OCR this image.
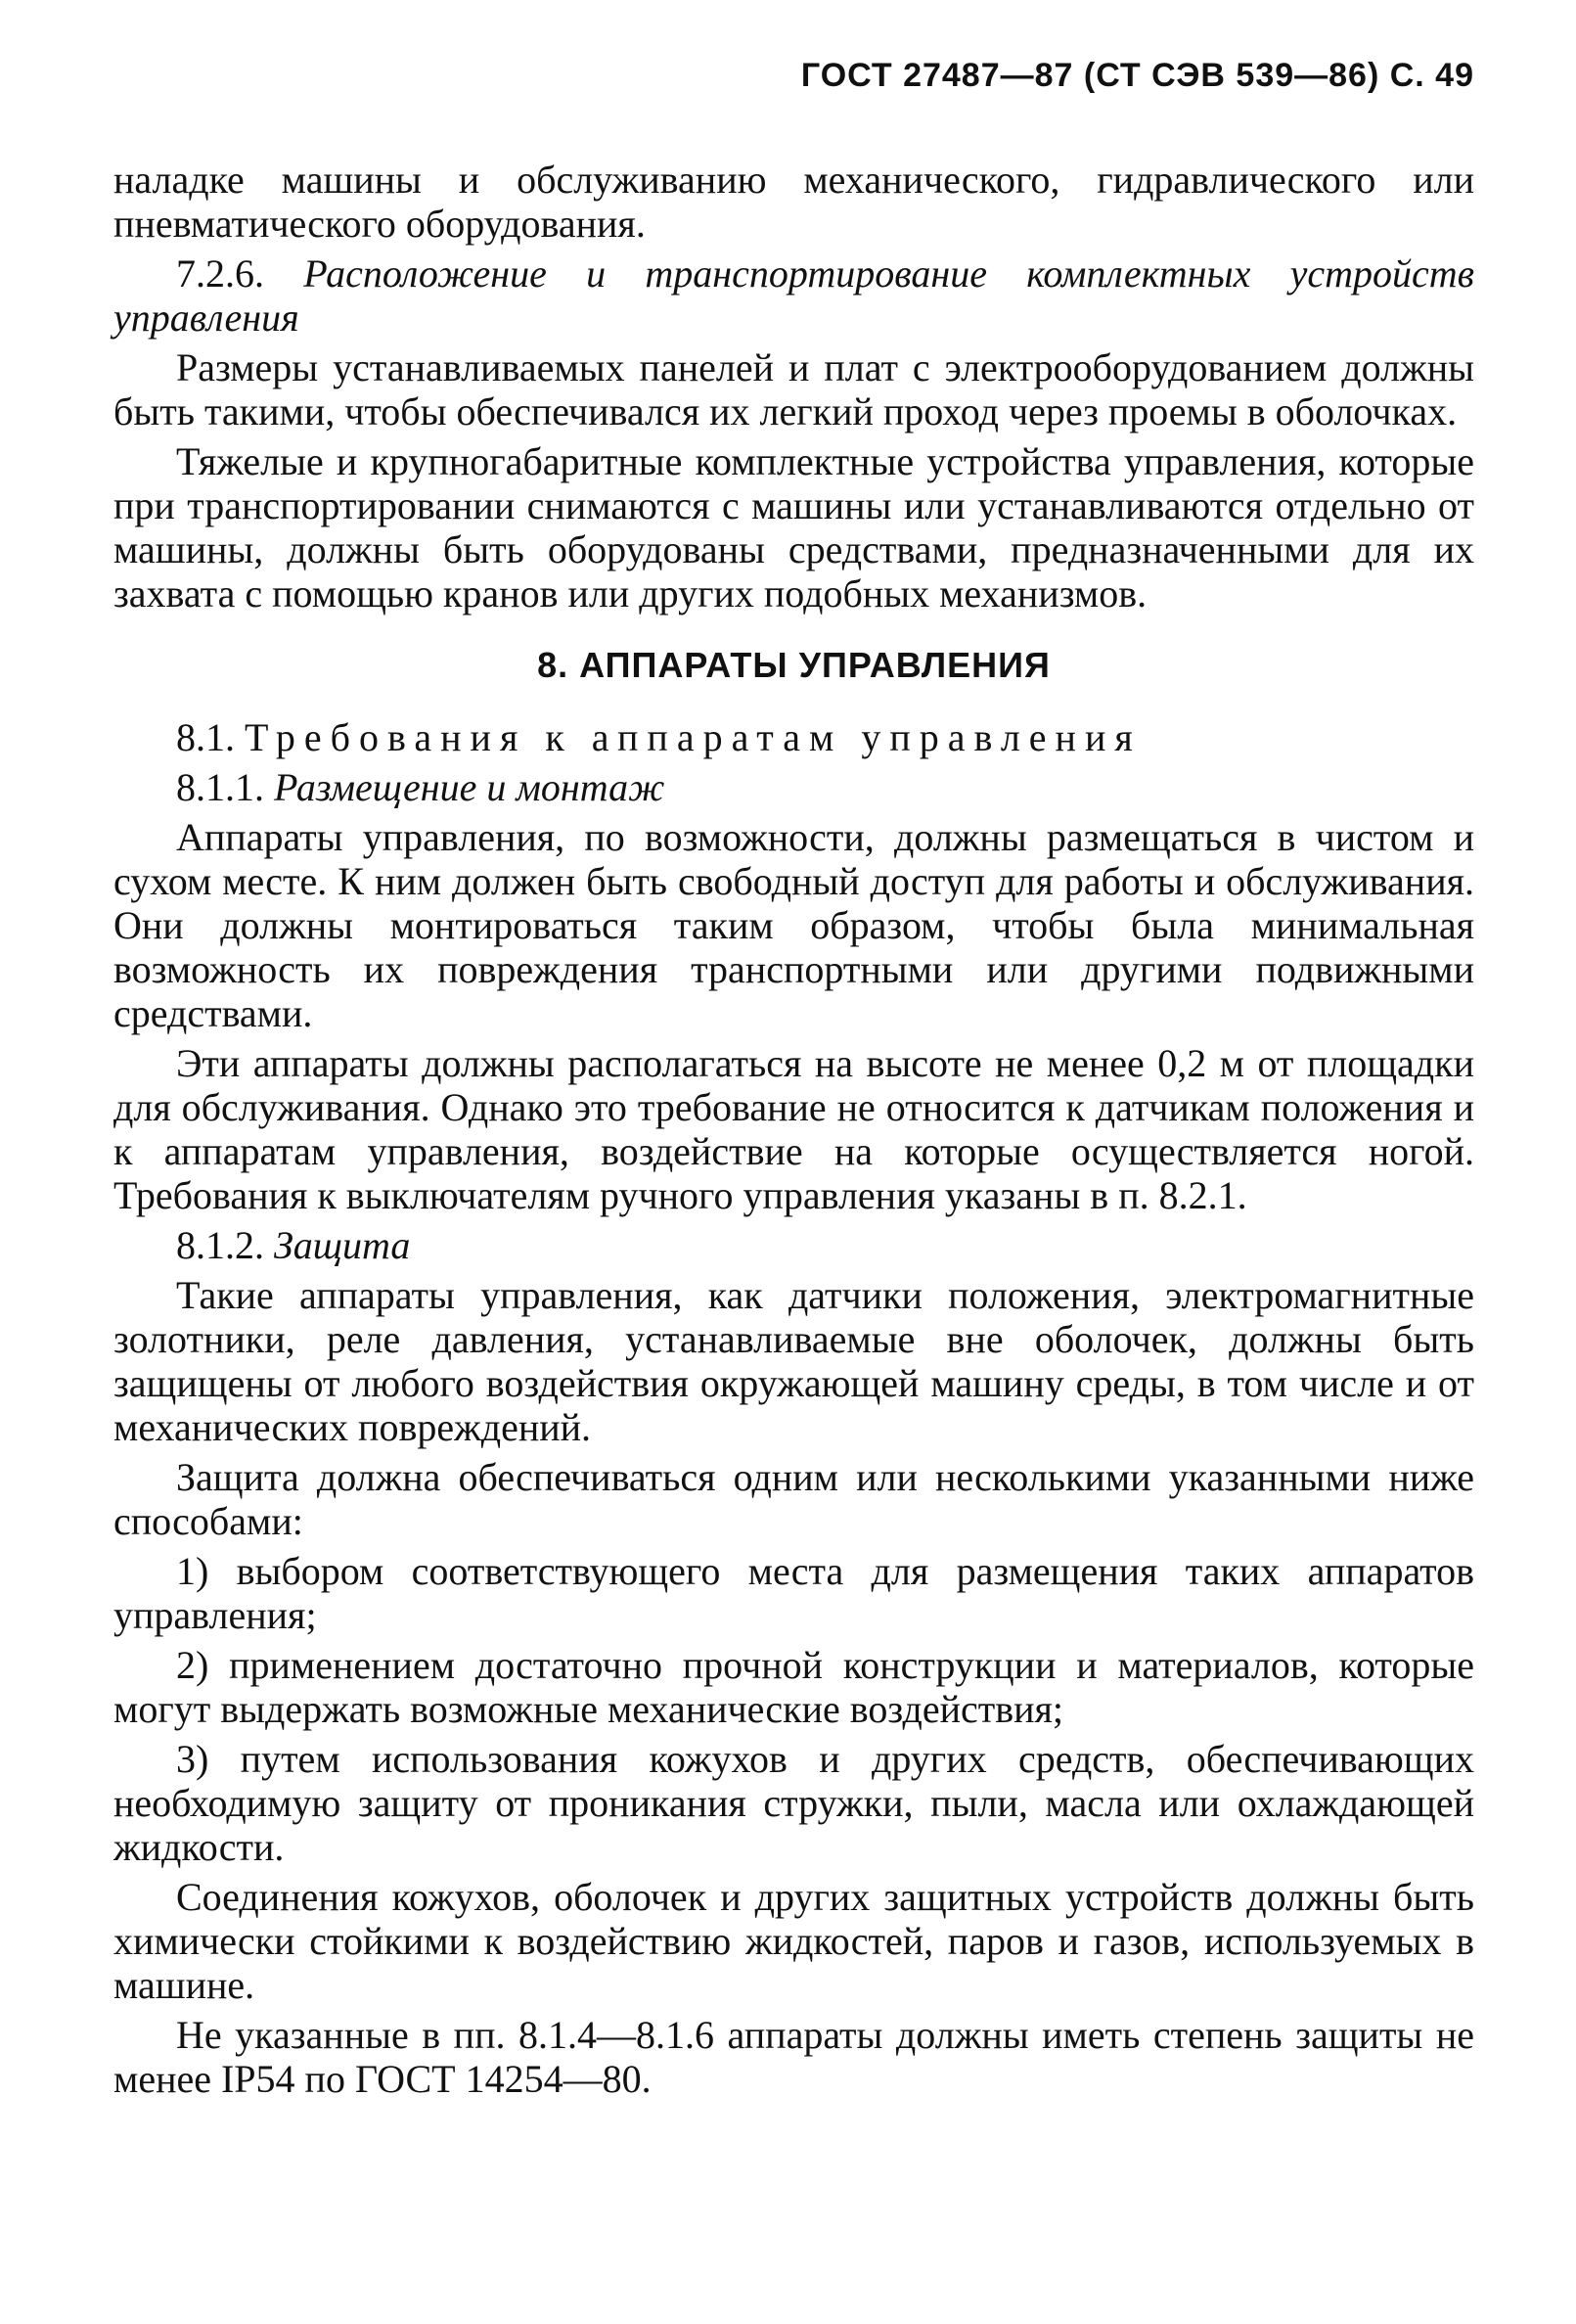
ГОСТ 27487—87 (СТ СЭВ 539—86) С. 49

наладке машины и обслуживанию механического, гидравлического или пневматического оборудования.

7.2.6. Расположение и транспортирование комплектных устройств управления

Размеры устанавливаемых панелей и плат с электрооборудованием должны быть такими, чтобы обеспечивался их легкий проход через проемы в оболочках.

Тяжелые и крупногабаритные комплектные устройства управления, которые при транспортировании снимаются с машины или устанавливаются отдельно от машины, должны быть оборудованы средствами, предназначенными для их захвата с помощью кранов или других подобных механизмов.

8. АППАРАТЫ УПРАВЛЕНИЯ

8.1. Требования к аппаратам управления

8.1.1. Размещение и монтаж

Аппараты управления, по возможности, должны размещаться в чистом и сухом месте. К ним должен быть свободный доступ для работы и обслуживания. Они должны монтироваться таким образом, чтобы была минимальная возможность их повреждения транспортными или другими подвижными средствами.

Эти аппараты должны располагаться на высоте не менее 0,2 м от площадки для обслуживания. Однако это требование не относится к датчикам положения и к аппаратам управления, воздействие на которые осуществляется ногой. Требования к выключателям ручного управления указаны в п. 8.2.1.

8.1.2. Защита

Такие аппараты управления, как датчики положения, электромагнитные золотники, реле давления, устанавливаемые вне оболочек, должны быть защищены от любого воздействия окружающей машину среды, в том числе и от механических повреждений.

Защита должна обеспечиваться одним или несколькими указанными ниже способами:

1) выбором соответствующего места для размещения таких аппаратов управления;

2) применением достаточно прочной конструкции и материалов, которые могут выдержать возможные механические воздействия;

3) путем использования кожухов и других средств, обеспечивающих необходимую защиту от проникания стружки, пыли, масла или охлаждающей жидкости.

Соединения кожухов, оболочек и других защитных устройств должны быть химически стойкими к воздействию жидкостей, паров и газов, используемых в машине.

Не указанные в пп. 8.1.4—8.1.6 аппараты должны иметь степень защиты не менее IP54 по ГОСТ 14254—80.
